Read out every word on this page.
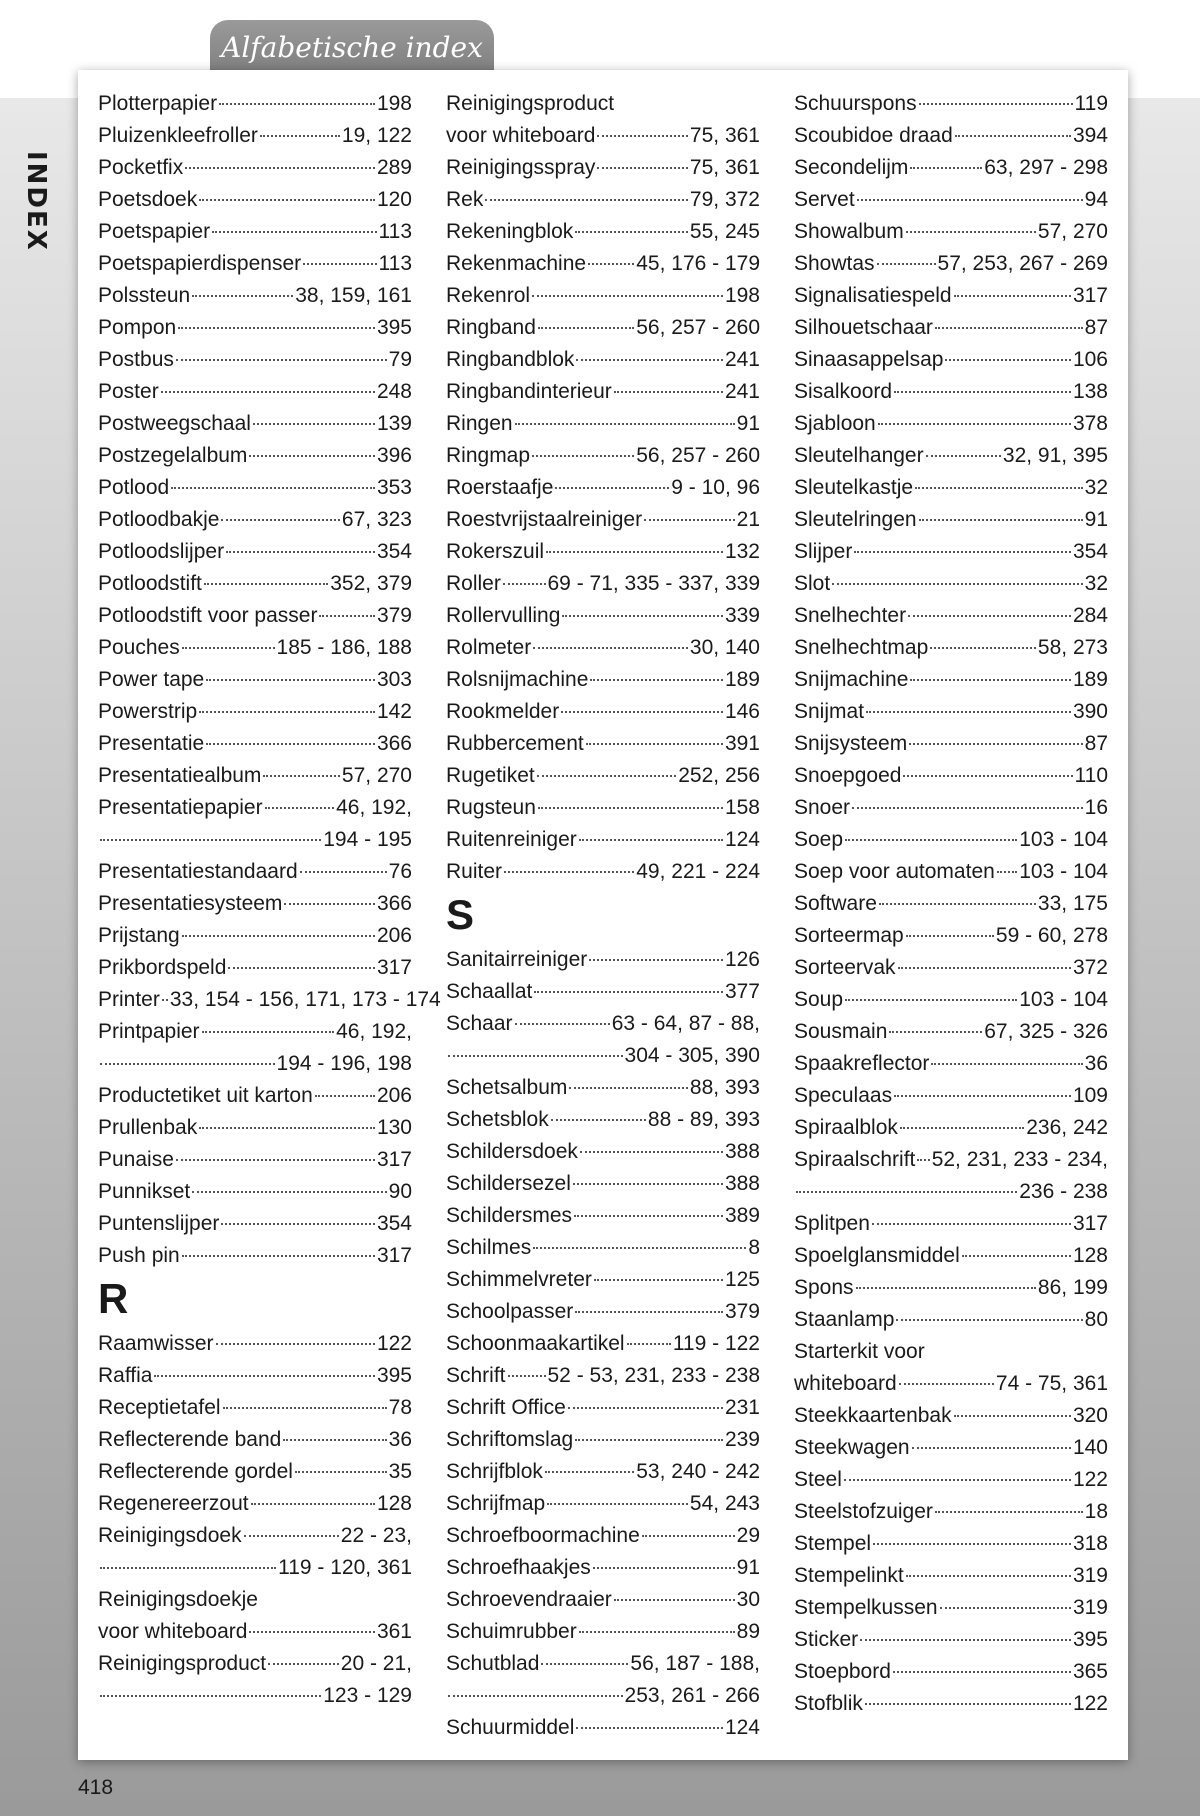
Alfabetische index
INDEX
Plotterpapier	198
Pluizenkleefroller	19, 122
Pocketfix	289
Poetsdoek	120
Poetspapier	113
Poetspapierdispenser	113
Polssteun	38, 159, 161
Pompon	395
Postbus	79
Poster	248
Postweegschaal	139
Postzegelalbum	396
Potlood	353
Potloodbakje	67, 323
Potloodslijper	354
Potloodstift	352, 379
Potloodstift voor passer	379
Pouches	185 - 186, 188
Power tape	303
Powerstrip	142
Presentatie	366
Presentatiealbum	57, 270
Presentatiepapier	46, 192,
194 - 195
Presentatiestandaard	76
Presentatiesysteem	366
Prijstang	206
Prikbordspeld	317
Printer 33, 154 - 156, 171, 173 - 174
Printpapier	46, 192,
194 - 196, 198
Productetiket uit karton	206
Prullenbak	130
Punaise	317
Punnikset	90
Puntenslijper	354
Push pin	317
R
Raamwisser	122
Raffia	395
Receptietafel	78
Reflecterende band	36
Reflecterende gordel	35
Regenereerzout	128
Reinigingsdoek	22 - 23,
119 - 120, 361
Reinigingsdoekje
voor whiteboard	361
Reinigingsproduct	20 - 21,
123 - 129
Reinigingsproduct
voor whiteboard	75, 361
Reinigingsspray	75, 361
Rek	79, 372
Rekeningblok	55, 245
Rekenmachine 45, 176 - 179
Rekenrol	198
Ringband	56, 257 - 260
Ringbandblok	241
Ringbandinterieur	241
Ringen	91
Ringmap	56, 257 - 260
Roerstaafje	9 - 10, 96
Roestvrijstaalreiniger	21
Rokerszuil	132
Roller 69 - 71, 335 - 337, 339
Rollervulling	339
Rolmeter	30, 140
Rolsnijmachine	189
Rookmelder	146
Rubbercement	391
Rugetiket	252, 256
Rugsteun	158
Ruitenreiniger	124
Ruiter	49, 221 - 224
S
Sanitairreiniger	126
Schaallat	377
Schaar	63 - 64, 87 - 88,
304 - 305, 390
Schetsalbum	88, 393
Schetsblok	88 - 89, 393
Schildersdoek	388
Schildersezel	388
Schildersmes	389
Schilmes	8
Schimmelvreter	125
Schoolpasser	379
Schoonmaakartikel 119 - 122
Schrift 52 - 53, 231, 233 - 238
Schrift Office	231
Schriftomslag	239
Schrijfblok	53, 240 - 242
Schrijfmap	54, 243
Schroefboormachine	29
Schroefhaakjes	91
Schroevendraaier	30
Schuimrubber	89
Schutblad	56, 187 - 188,
253, 261 - 266
Schuurmiddel	124
Schuurspons	119
Scoubidoe draad	394
Secondelijm	63, 297 - 298
Servet	94
Showalbum	57, 270
Showtas	57, 253, 267 - 269
Signalisatiespeld	317
Silhouetschaar	87
Sinaasappelsap	106
Sisalkoord	138
Sjabloon	378
Sleutelhanger	32, 91, 395
Sleutelkastje	32
Sleutelringen	91
Slijper	354
Slot	32
Snelhechter	284
Snelhechtmap	58, 273
Snijmachine	189
Snijmat	390
Snijsysteem	87
Snoepgoed	110
Snoer	16
Soep	103 - 104
Soep voor automaten 103 - 104
Software	33, 175
Sorteermap	59 - 60, 278
Sorteervak	372
Soup	103 - 104
Sousmain	67, 325 - 326
Spaakreflector	36
Speculaas	109
Spiraalblok	236, 242
Spiraalschrift 52, 231, 233 - 234,
236 - 238
Splitpen	317
Spoelglansmiddel	128
Spons	86, 199
Staanlamp	80
Starterkit voor
whiteboard	74 - 75, 361
Steekkaartenbak	320
Steekwagen	140
Steel	122
Steelstofzuiger	18
Stempel	318
Stempelinkt	319
Stempelkussen	319
Sticker	395
Stoepbord	365
Stofblik	122
418
